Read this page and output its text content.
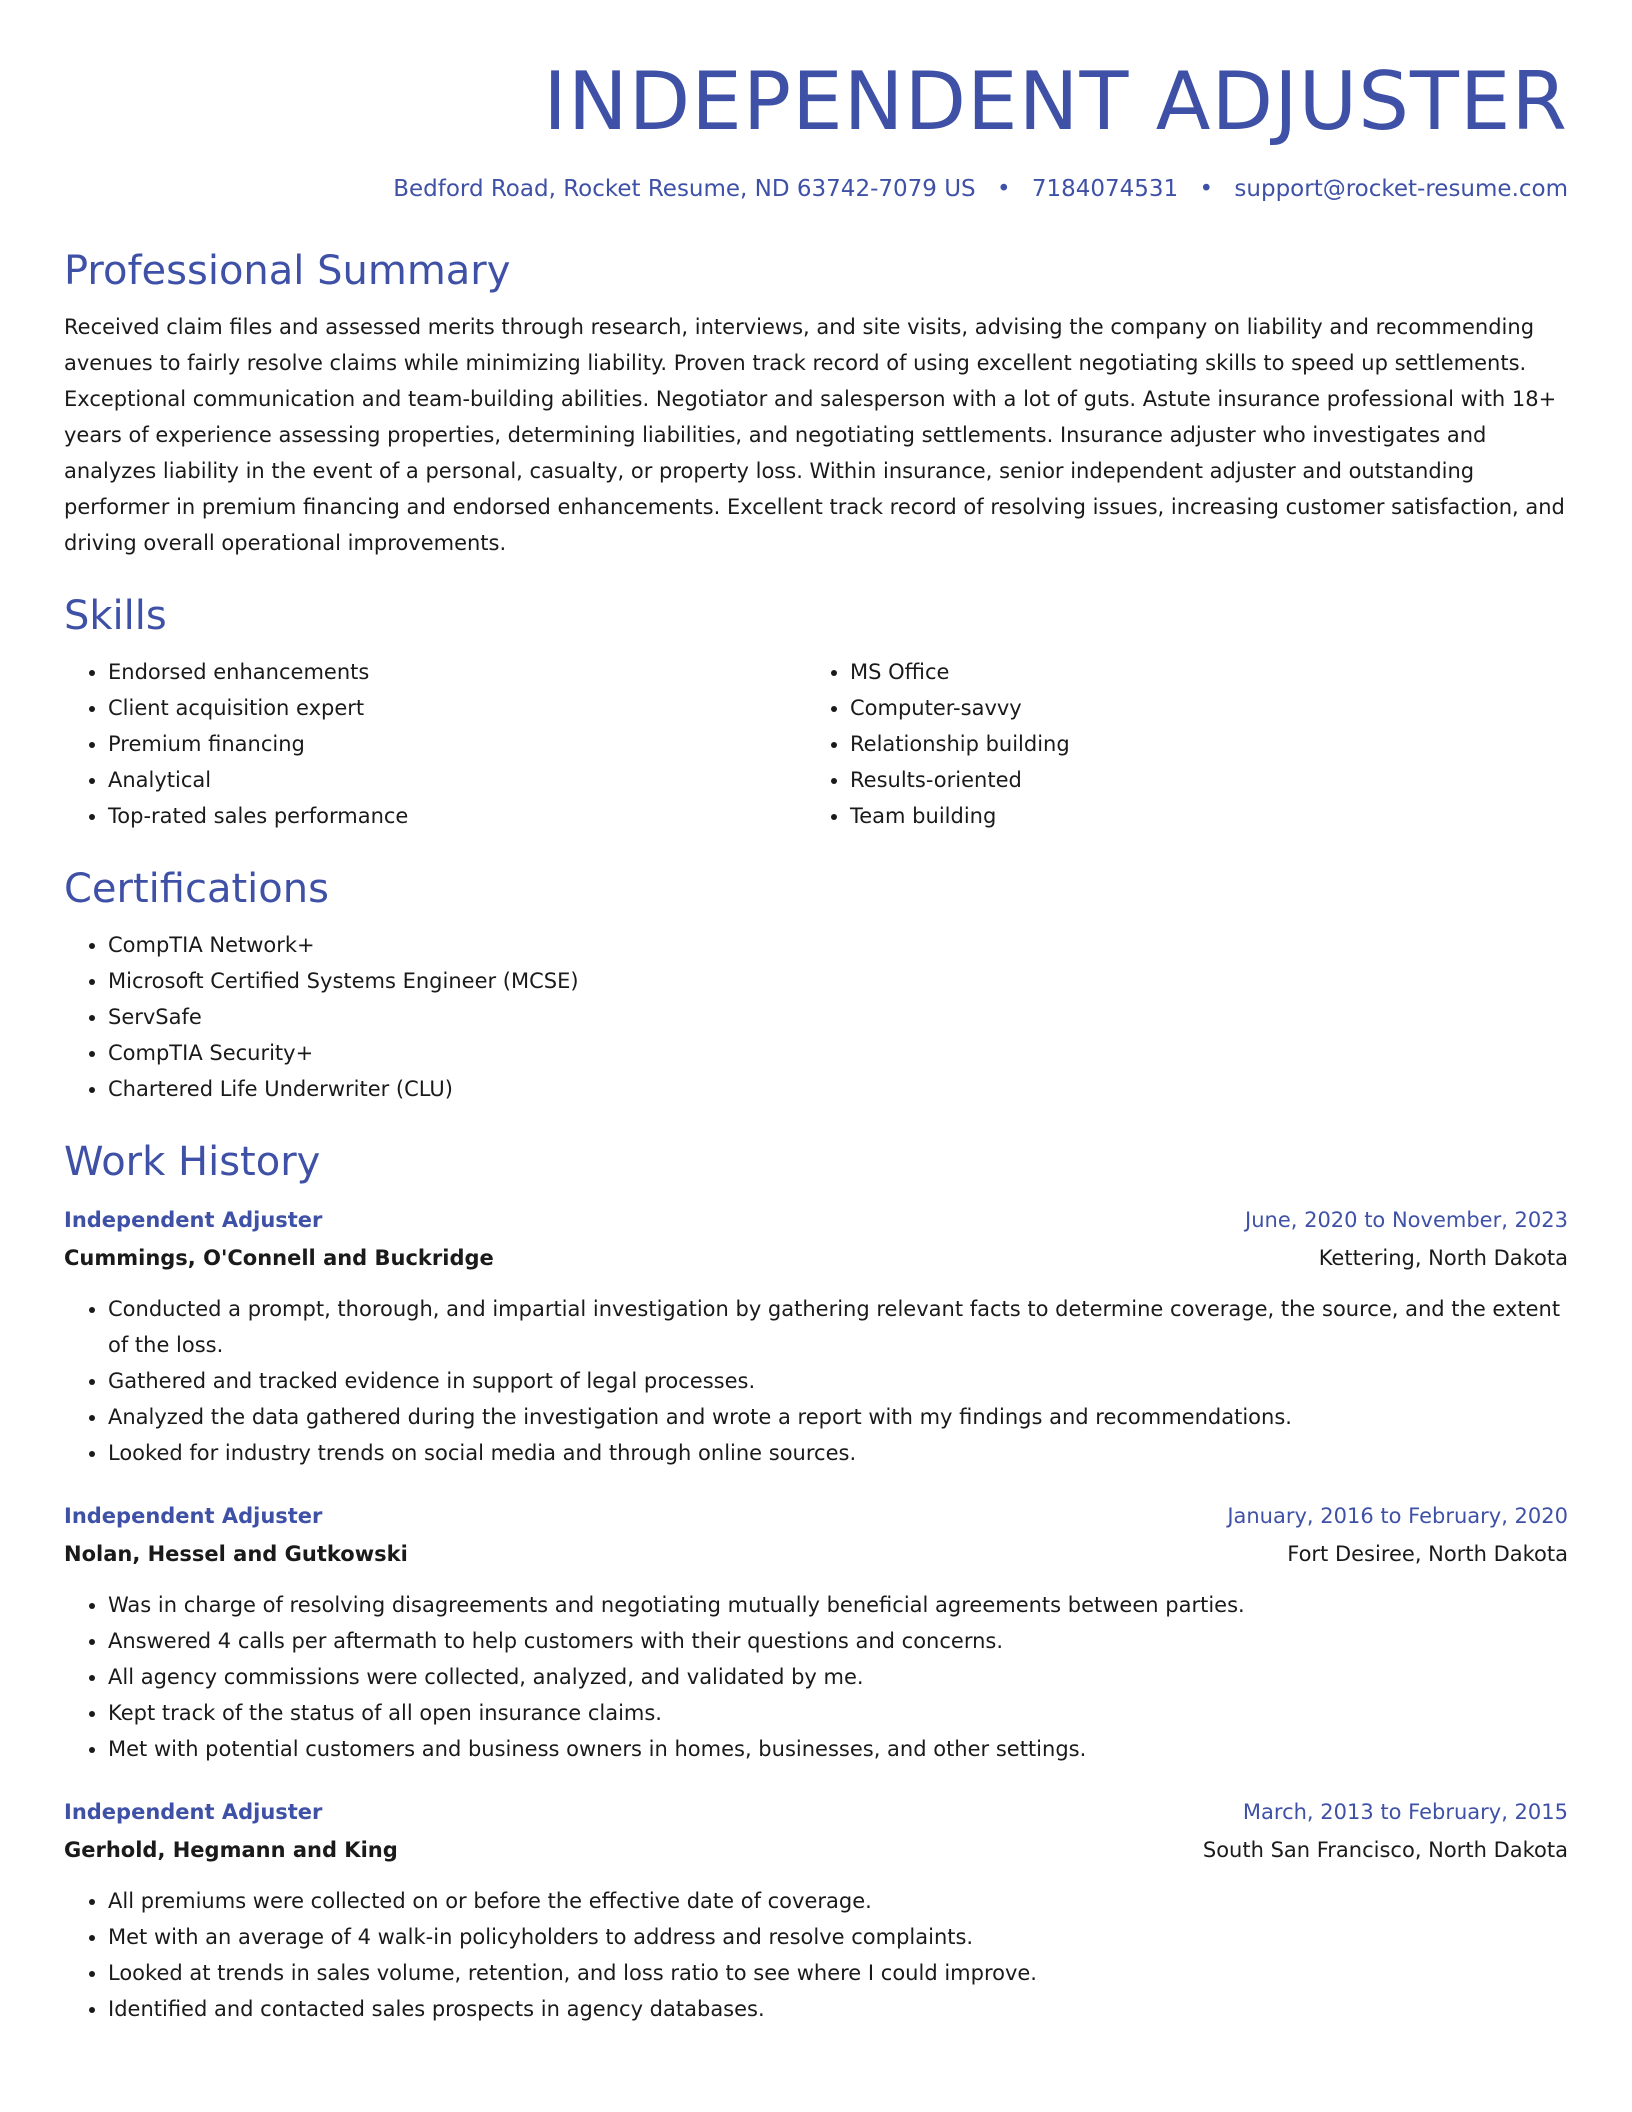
INDEPENDENT ADJUSTER
Bedford Road, Rocket Resume, ND 63742-7079 US • 7184074531 • support@rocket-resume.com
Professional Summary

Received claim files and assessed merits through research, interviews, and site visits, advising the company on liability and recommending avenues to fairly resolve claims while minimizing liability. Proven track record of using excellent negotiating skills to speed up settlements. Exceptional communication and team-building abilities. Negotiator and salesperson with a lot of guts. Astute insurance professional with 18+ years of experience assessing properties, determining liabilities, and negotiating settlements. Insurance adjuster who investigates and analyzes liability in the event of a personal, casualty, or property loss. Within insurance, senior independent adjuster and outstanding performer in premium financing and endorsed enhancements. Excellent track record of resolving issues, increasing customer satisfaction, and driving overall operational improvements.

Skills
• Endorsed enhancements
• Client acquisition expert
• Premium financing
• Analytical
• Top-rated sales performance
• MS Office
• Computer-savvy
• Relationship building
• Results-oriented
• Team building
Certifications
• CompTIA Network+
• Microsoft Certified Systems Engineer (MCSE)
• ServSafe
• CompTIA Security+
• Chartered Life Underwriter (CLU)
Work History
Independent Adjuster	June, 2020 to November, 2023
Cummings, O'Connell and Buckridge	Kettering, North Dakota
• Conducted a prompt, thorough, and impartial investigation by gathering relevant facts to determine coverage, the source, and the extent of the loss.
• Gathered and tracked evidence in support of legal processes.
• Analyzed the data gathered during the investigation and wrote a report with my findings and recommendations.
• Looked for industry trends on social media and through online sources.
Independent Adjuster	January, 2016 to February, 2020
Nolan, Hessel and Gutkowski	Fort Desiree, North Dakota
• Was in charge of resolving disagreements and negotiating mutually beneficial agreements between parties.
• Answered 4 calls per aftermath to help customers with their questions and concerns.
• All agency commissions were collected, analyzed, and validated by me.
• Kept track of the status of all open insurance claims.
• Met with potential customers and business owners in homes, businesses, and other settings.
Independent Adjuster	March, 2013 to February, 2015
Gerhold, Hegmann and King	South San Francisco, North Dakota
• All premiums were collected on or before the effective date of coverage.
• Met with an average of 4 walk-in policyholders to address and resolve complaints.
• Looked at trends in sales volume, retention, and loss ratio to see where I could improve.
• Identified and contacted sales prospects in agency databases.
